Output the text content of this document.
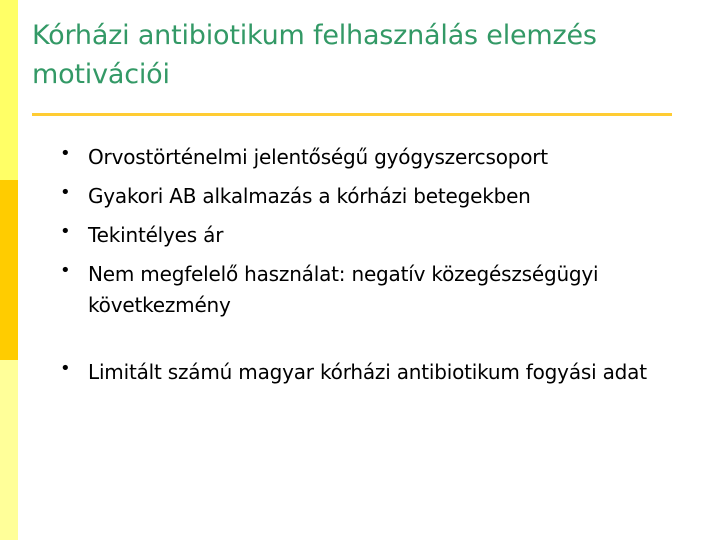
Kórházi antibiotikum felhasználás elemzés motivációi
• Orvostörténelmi jelentőségű gyógyszercsoport
• Gyakori AB alkalmazás a kórházi betegekben
• Tekintélyes ár
• Nem megfelelő használat: negatív közegészségügyi következmény
• Limitált számú magyar kórházi antibiotikum fogyási adat
